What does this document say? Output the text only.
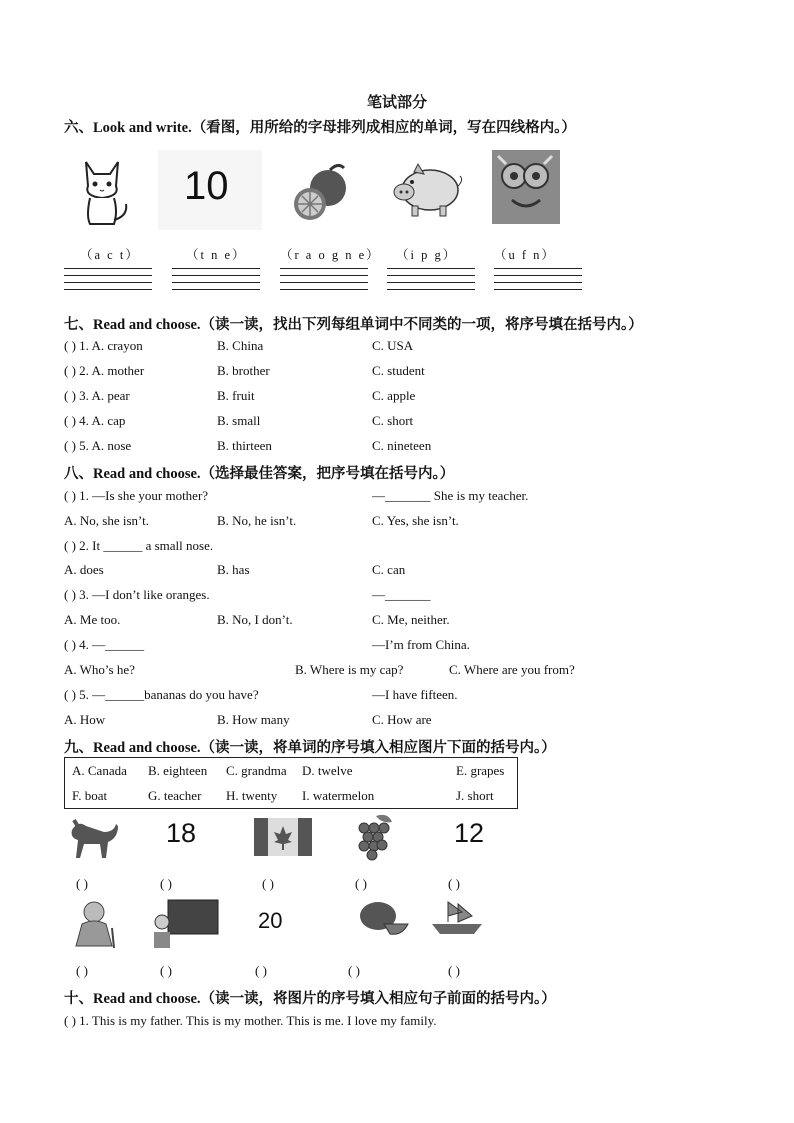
笔试部分
六、Look and write.（看图，用所给的字母排列成相应的单词，写在四线格内。）
10
（a c t）	（t n e）	（r a o g n e） （i p g）	（u f n）
七、Read and choose.（读一读，找出下列每组单词中不同类的一项，将序号填在括号内。）
( ) 1. A. crayon	B. China	C. USA
( ) 2. A. mother	B. brother	C. student
( ) 3. A. pear	B. fruit	C. apple
( ) 4. A. cap	B. small	C. short
( ) 5. A. nose	B. thirteen	C. nineteen
八、Read and choose.（选择最佳答案，把序号填在括号内。）
( ) 1. —Is she your mother?	—_______ She is my teacher.
A. No, she isn’t.	B. No, he isn’t.	C. Yes, she isn’t.
( ) 2. It ______ a small nose.
A. does	B. has	C. can
( ) 3. —I don’t like oranges.	—_______
A. Me too.	B. No, I don’t.	C. Me, neither.
( ) 4. —______	—I’m from China.
A. Who’s he?	B. Where is my cap?	C. Where are you from?
( ) 5. —______bananas do you have?	—I have fifteen.
A. How	B. How many	C. How are
九、Read and choose.（读一读，将单词的序号填入相应图片下面的括号内。）
A. Canada B. eighteen C. grandma D. twelve	E. grapes
F. boat	G. teacher H. twenty I. watermelon	J. short
18	12
( )	( )	( )	( )	( )
20
( )	( )	( )	( )	( )
十、Read and choose.（读一读，将图片的序号填入相应句子前面的括号内。）
( ) 1. This is my father. This is my mother. This is me. I love my family.
